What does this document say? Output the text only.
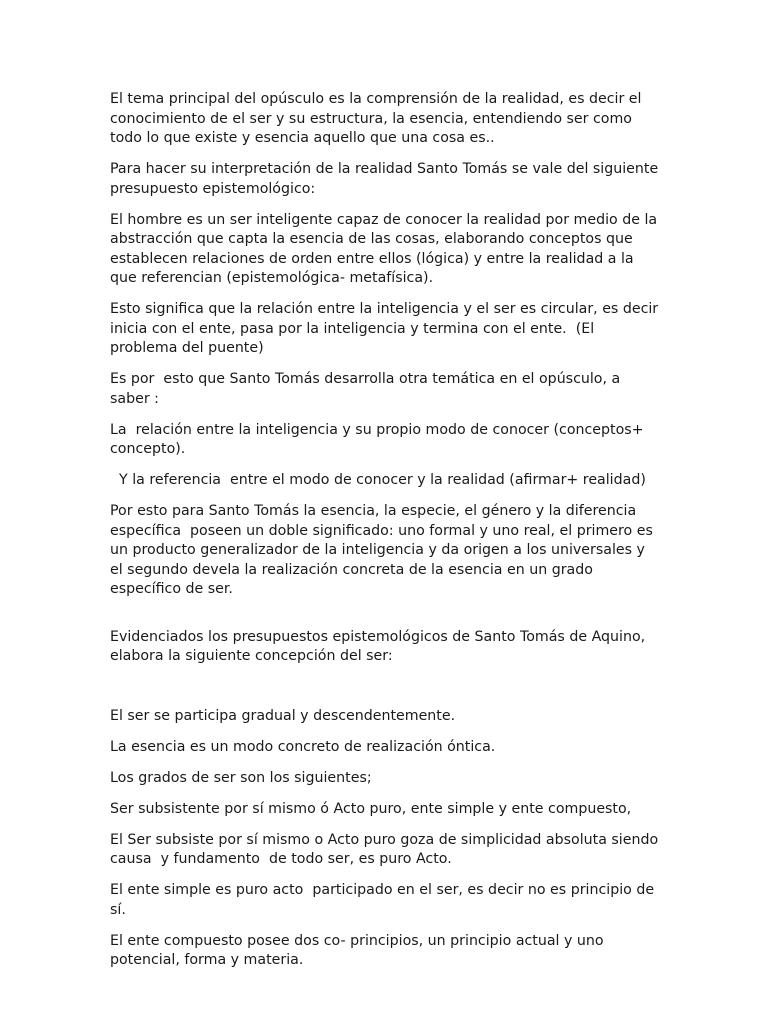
El tema principal del opúsculo es la comprensión de la realidad, es decir el conocimiento de el ser y su estructura, la esencia, entendiendo ser como todo lo que existe y esencia aquello que una cosa es..

Para hacer su interpretación de la realidad Santo Tomás se vale del siguiente presupuesto epistemológico:

El hombre es un ser inteligente capaz de conocer la realidad por medio de la abstracción que capta la esencia de las cosas, elaborando conceptos que establecen relaciones de orden entre ellos (lógica) y entre la realidad a la que referencian (epistemológica- metafísica).

Esto significa que la relación entre la inteligencia y el ser es circular, es decir inicia con el ente, pasa por la inteligencia y termina con el ente.  (El problema del puente)

Es por  esto que Santo Tomás desarrolla otra temática en el opúsculo, a saber :

La  relación entre la inteligencia y su propio modo de conocer (conceptos+ concepto).

Y la referencia  entre el modo de conocer y la realidad (afirmar+ realidad)

Por esto para Santo Tomás la esencia, la especie, el género y la diferencia específica  poseen un doble significado: uno formal y uno real, el primero es un producto generalizador de la inteligencia y da origen a los universales y el segundo devela la realización concreta de la esencia en un grado específico de ser.

Evidenciados los presupuestos epistemológicos de Santo Tomás de Aquino, elabora la siguiente concepción del ser:

El ser se participa gradual y descendentemente.

La esencia es un modo concreto de realización óntica.

Los grados de ser son los siguientes;

Ser subsistente por sí mismo ó Acto puro, ente simple y ente compuesto,

El Ser subsiste por sí mismo o Acto puro goza de simplicidad absoluta siendo causa  y fundamento  de todo ser, es puro Acto.

El ente simple es puro acto  participado en el ser, es decir no es principio de sí.

El ente compuesto posee dos co- principios, un principio actual y uno potencial, forma y materia.
